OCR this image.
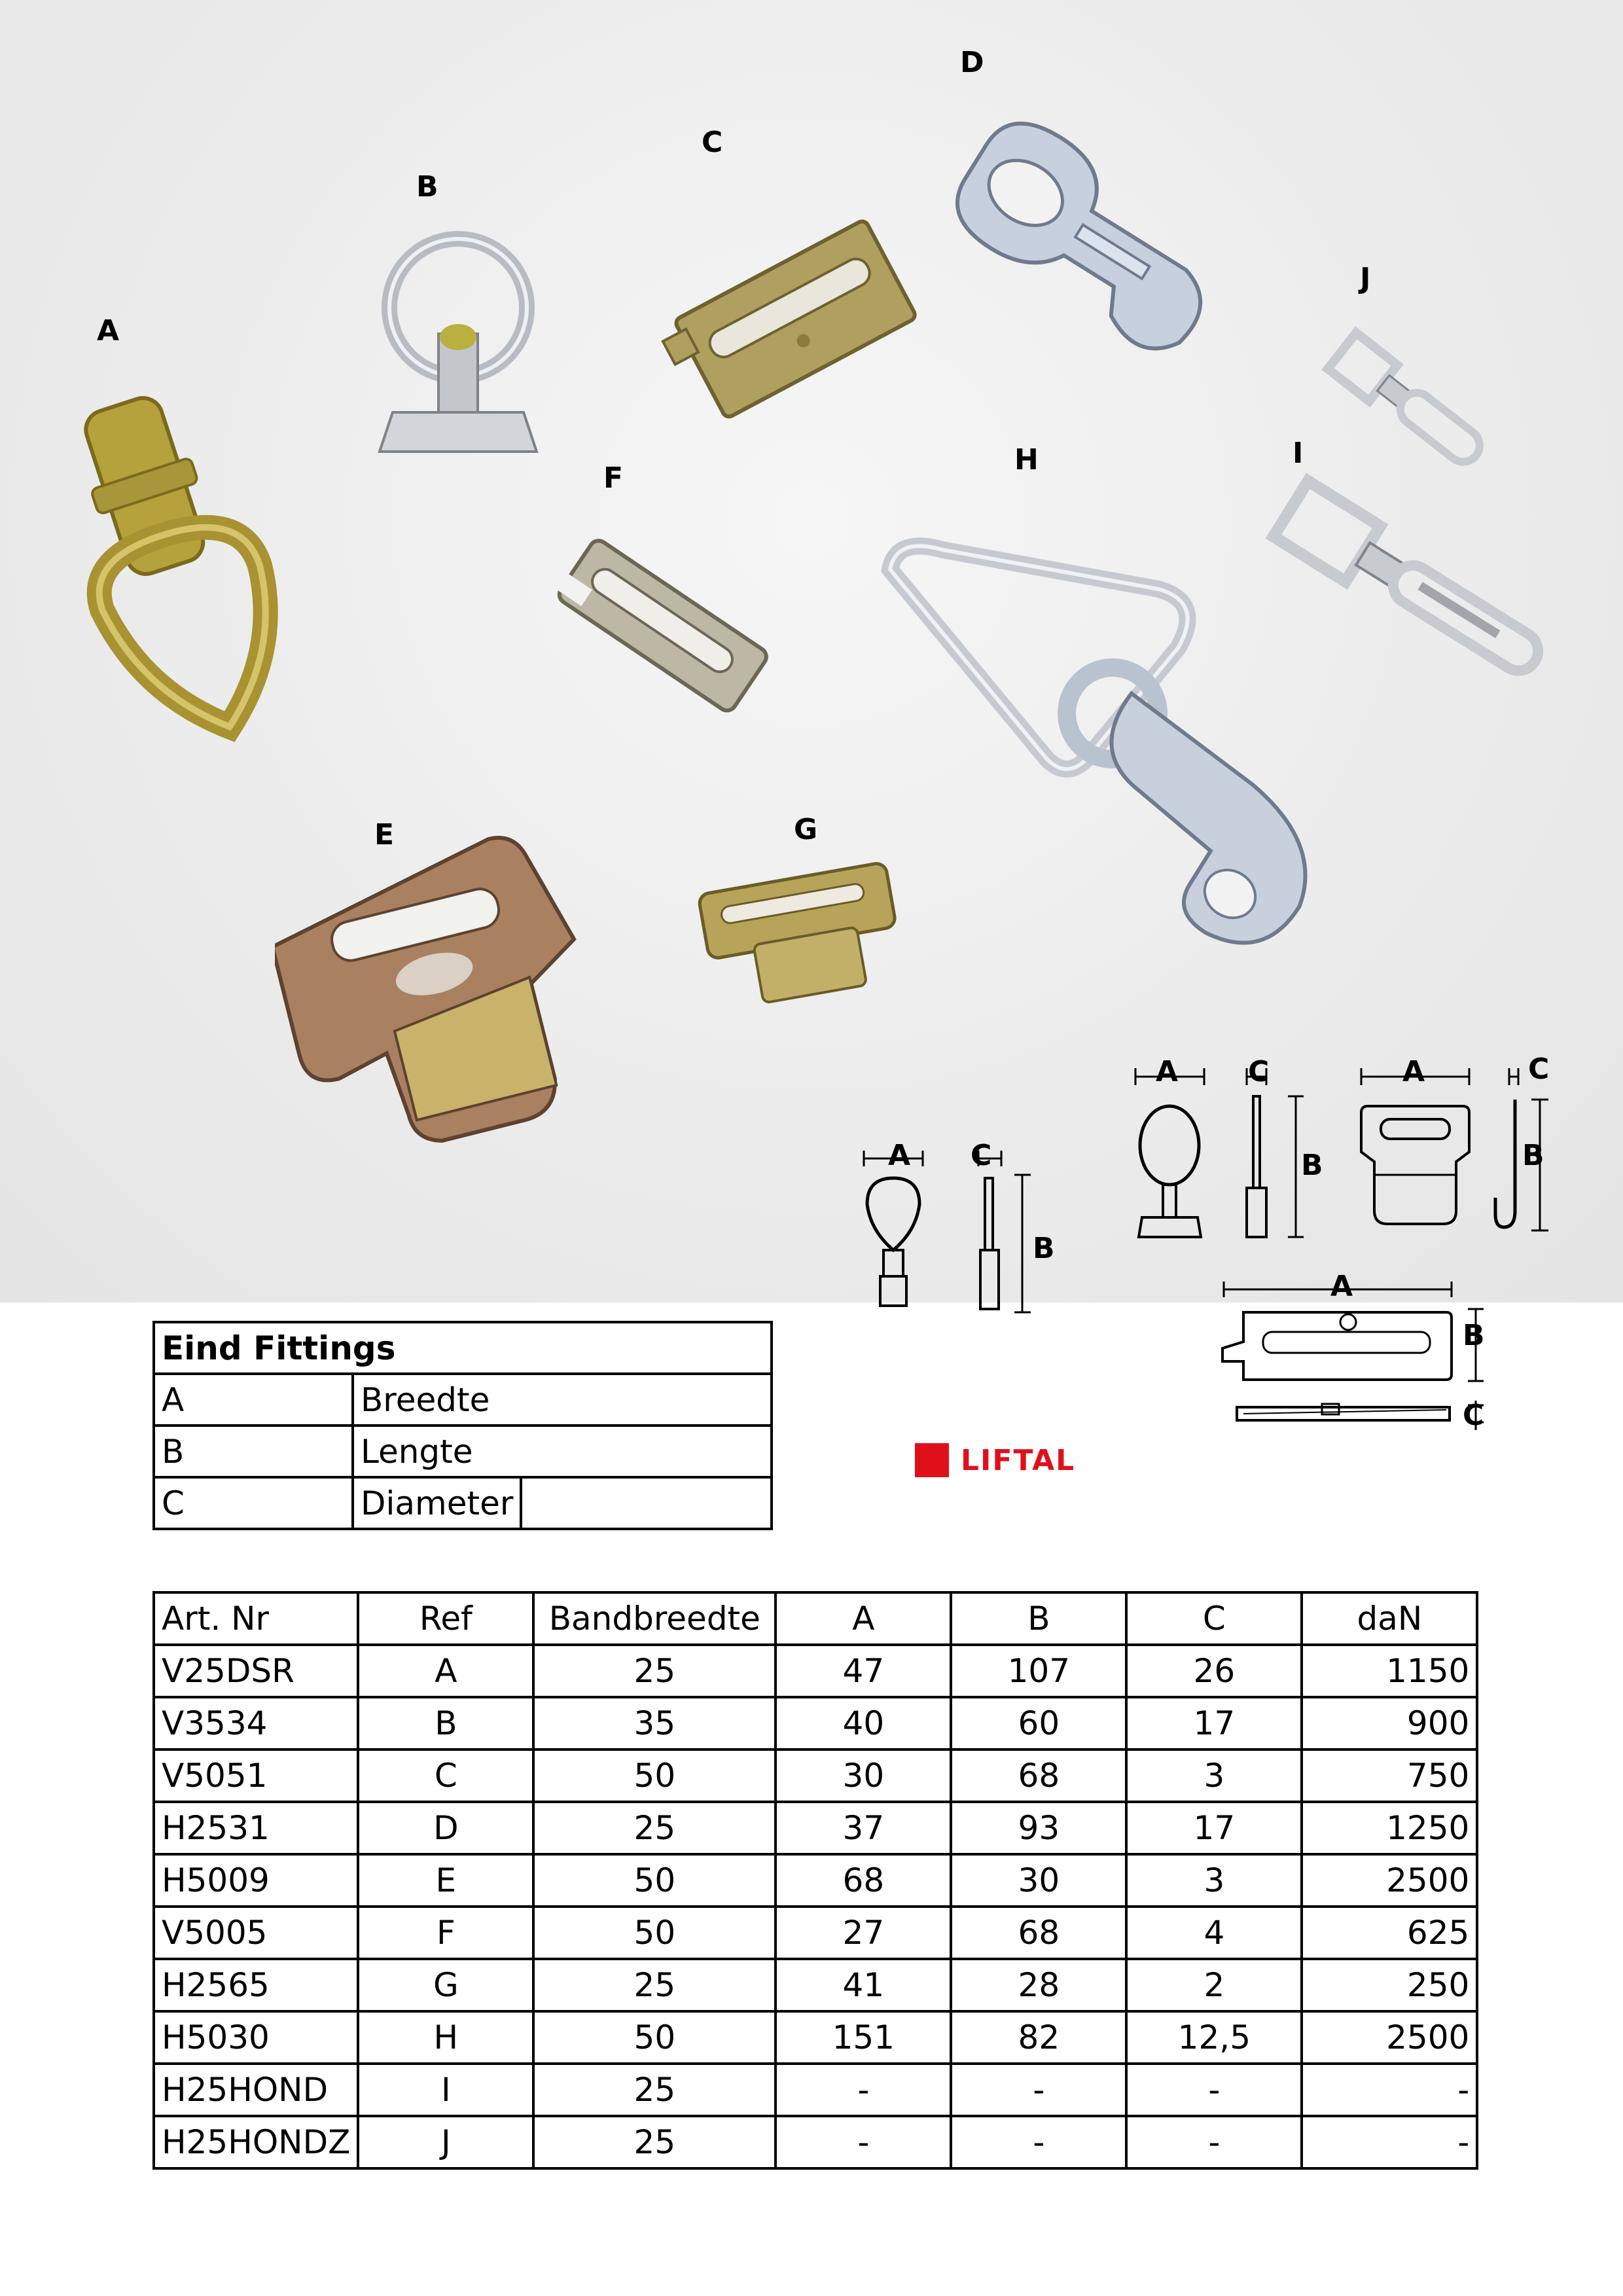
A
B
C
D
E
F
G
H	I
J
A C
B
A C
B
A	C
B
A
B
C
LIFTAL
Eind Fittings		
A	Breedte	
B	Lengte	
C	Diameter	
Art. Nr	Ref	Bandbreedte	A	B	C	daN
V25DSR	A	25	47	107	26	1150
V3534	B	35	40	60	17	900
V5051	C	50	30	68	3	750
H2531	D	25	37	93	17	1250
H5009	E	50	68	30	3	2500
V5005	F	50	27	68	4	625
H2565	G	25	41	28	2	250
H5030	H	50	151	82	12,5	2500
H25HOND	I	25	-	-	-	-
H25HONDZ	J	25	-	-	-	-
